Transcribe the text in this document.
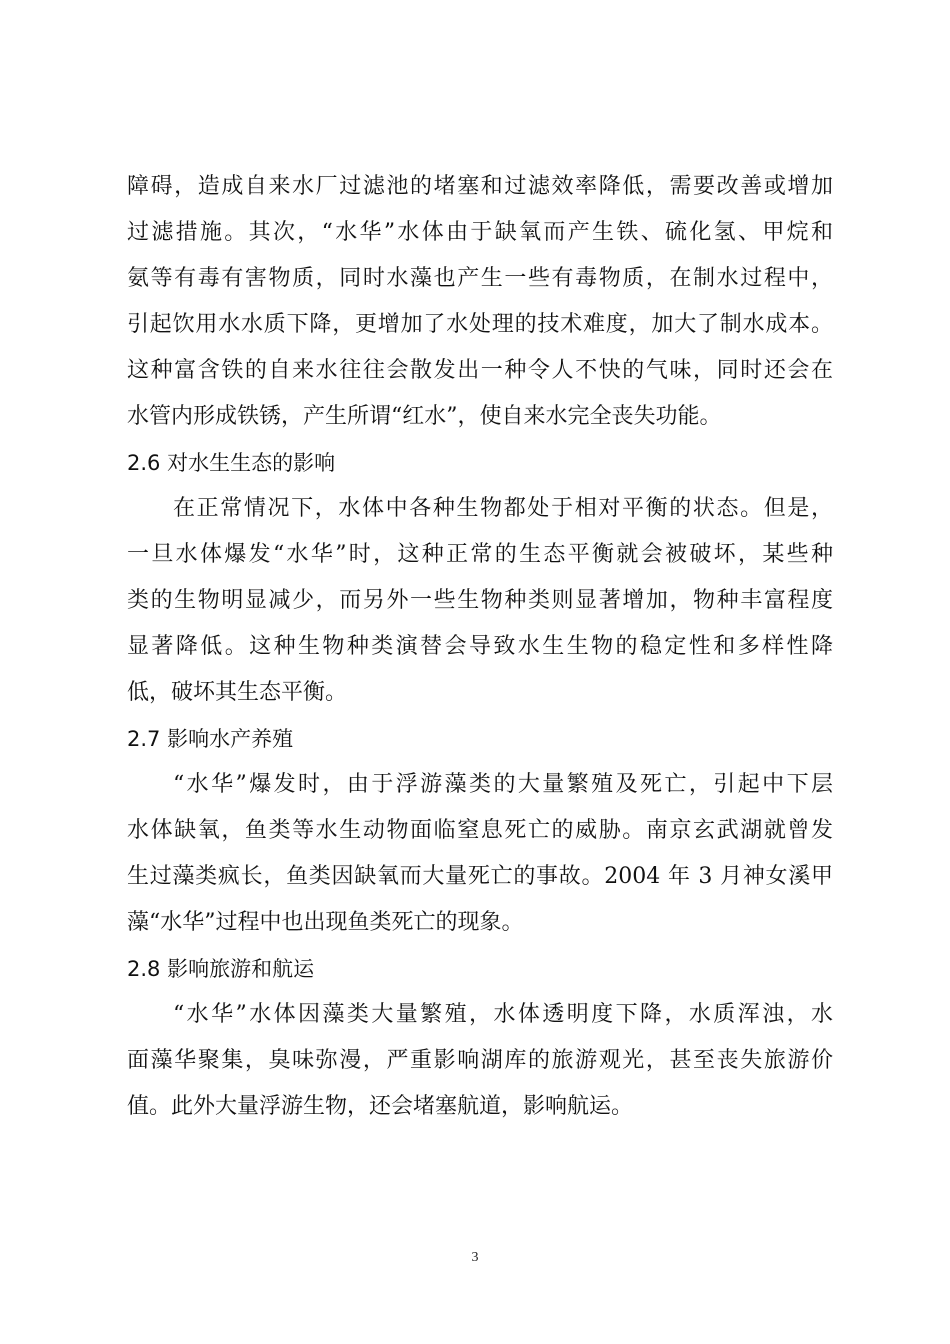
障碍，造成自来水厂过滤池的堵塞和过滤效率降低，需要改善或增加
过滤措施。其次，“水华”水体由于缺氧而产生铁、硫化氢、甲烷和
氨等有毒有害物质，同时水藻也产生一些有毒物质，在制水过程中，
引起饮用水水质下降，更增加了水处理的技术难度，加大了制水成本。
这种富含铁的自来水往往会散发出一种令人不快的气味，同时还会在
水管内形成铁锈，产生所谓“红水”，使自来水完全丧失功能。
2.6 对水生生态的影响
在正常情况下，水体中各种生物都处于相对平衡的状态。但是，
一旦水体爆发“水华”时，这种正常的生态平衡就会被破坏，某些种
类的生物明显减少，而另外一些生物种类则显著增加，物种丰富程度
显著降低。这种生物种类演替会导致水生生物的稳定性和多样性降
低，破坏其生态平衡。
2.7 影响水产养殖
“水华”爆发时，由于浮游藻类的大量繁殖及死亡，引起中下层
水体缺氧，鱼类等水生动物面临窒息死亡的威胁。南京玄武湖就曾发
生过藻类疯长，鱼类因缺氧而大量死亡的事故。2004 年 3 月神女溪甲
藻“水华”过程中也出现鱼类死亡的现象。
2.8 影响旅游和航运
“水华”水体因藻类大量繁殖，水体透明度下降，水质浑浊，水
面藻华聚集，臭味弥漫，严重影响湖库的旅游观光，甚至丧失旅游价
值。此外大量浮游生物，还会堵塞航道，影响航运。
3
